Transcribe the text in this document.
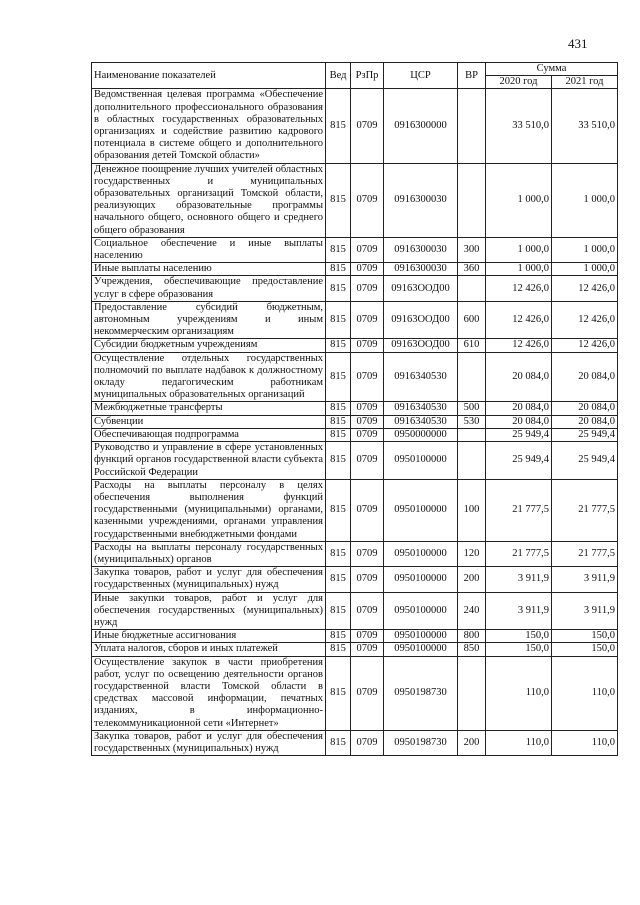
431
Наименование показателей	Вед	РзПр	ЦСР	ВР	Сумма	
					2020 год	2021 год
Ведомственная целевая программа «Обеспечение дополнительного профессионального образования в областных государственных образовательных организациях и содействие развитию кадрового потенциала в системе общего и дополнительного образования детей Томской области»	815	0709	0916300000		33 510,0	33 510,0
Денежное поощрение лучших учителей областных государственных и муниципальных образовательных организаций Томской области, реализующих образовательные программы начального общего, основного общего и среднего общего образования	815	0709	0916300030		1 000,0	1 000,0
Социальное обеспечение и иные выплаты населению	815	0709	0916300030	300	1 000,0	1 000,0
Иные выплаты населению	815	0709	0916300030	360	1 000,0	1 000,0
Учреждения, обеспечивающие предоставление услуг в сфере образования	815	0709	09163ООД00		12 426,0	12 426,0
Предоставление субсидий бюджетным, автономным учреждениям и иным некоммерческим организациям	815	0709	09163ООД00	600	12 426,0	12 426,0
Субсидии бюджетным учреждениям	815	0709	09163ООД00	610	12 426,0	12 426,0
Осуществление отдельных государственных полномочий по выплате надбавок к должностному окладу педагогическим работникам муниципальных образовательных организаций	815	0709	0916340530		20 084,0	20 084,0
Межбюджетные трансферты	815	0709	0916340530	500	20 084,0	20 084,0
Субвенции	815	0709	0916340530	530	20 084,0	20 084,0
Обеспечивающая подпрограмма	815	0709	0950000000		25 949,4	25 949,4
Руководство и управление в сфере установленных функций органов государственной власти субъекта Российской Федерации	815	0709	0950100000		25 949,4	25 949,4
Расходы на выплаты персоналу в целях обеспечения выполнения функций государственными (муниципальными) органами, казенными учреждениями, органами управления государственными внебюджетными фондами	815	0709	0950100000	100	21 777,5	21 777,5
Расходы на выплаты персоналу государственных (муниципальных) органов	815	0709	0950100000	120	21 777,5	21 777,5
Закупка товаров, работ и услуг для обеспечения государственных (муниципальных) нужд	815	0709	0950100000	200	3 911,9	3 911,9
Иные закупки товаров, работ и услуг для обеспечения государственных (муниципальных) нужд	815	0709	0950100000	240	3 911,9	3 911,9
Иные бюджетные ассигнования	815	0709	0950100000	800	150,0	150,0
Уплата налогов, сборов и иных платежей	815	0709	0950100000	850	150,0	150,0
Осуществление закупок в части приобретения работ, услуг по освещению деятельности органов государственной власти Томской области в средствах массовой информации, печатных изданиях, в информационно-телекоммуникационной сети «Интернет»	815	0709	0950198730		110,0	110,0
Закупка товаров, работ и услуг для обеспечения государственных (муниципальных) нужд	815	0709	0950198730	200	110,0	110,0
